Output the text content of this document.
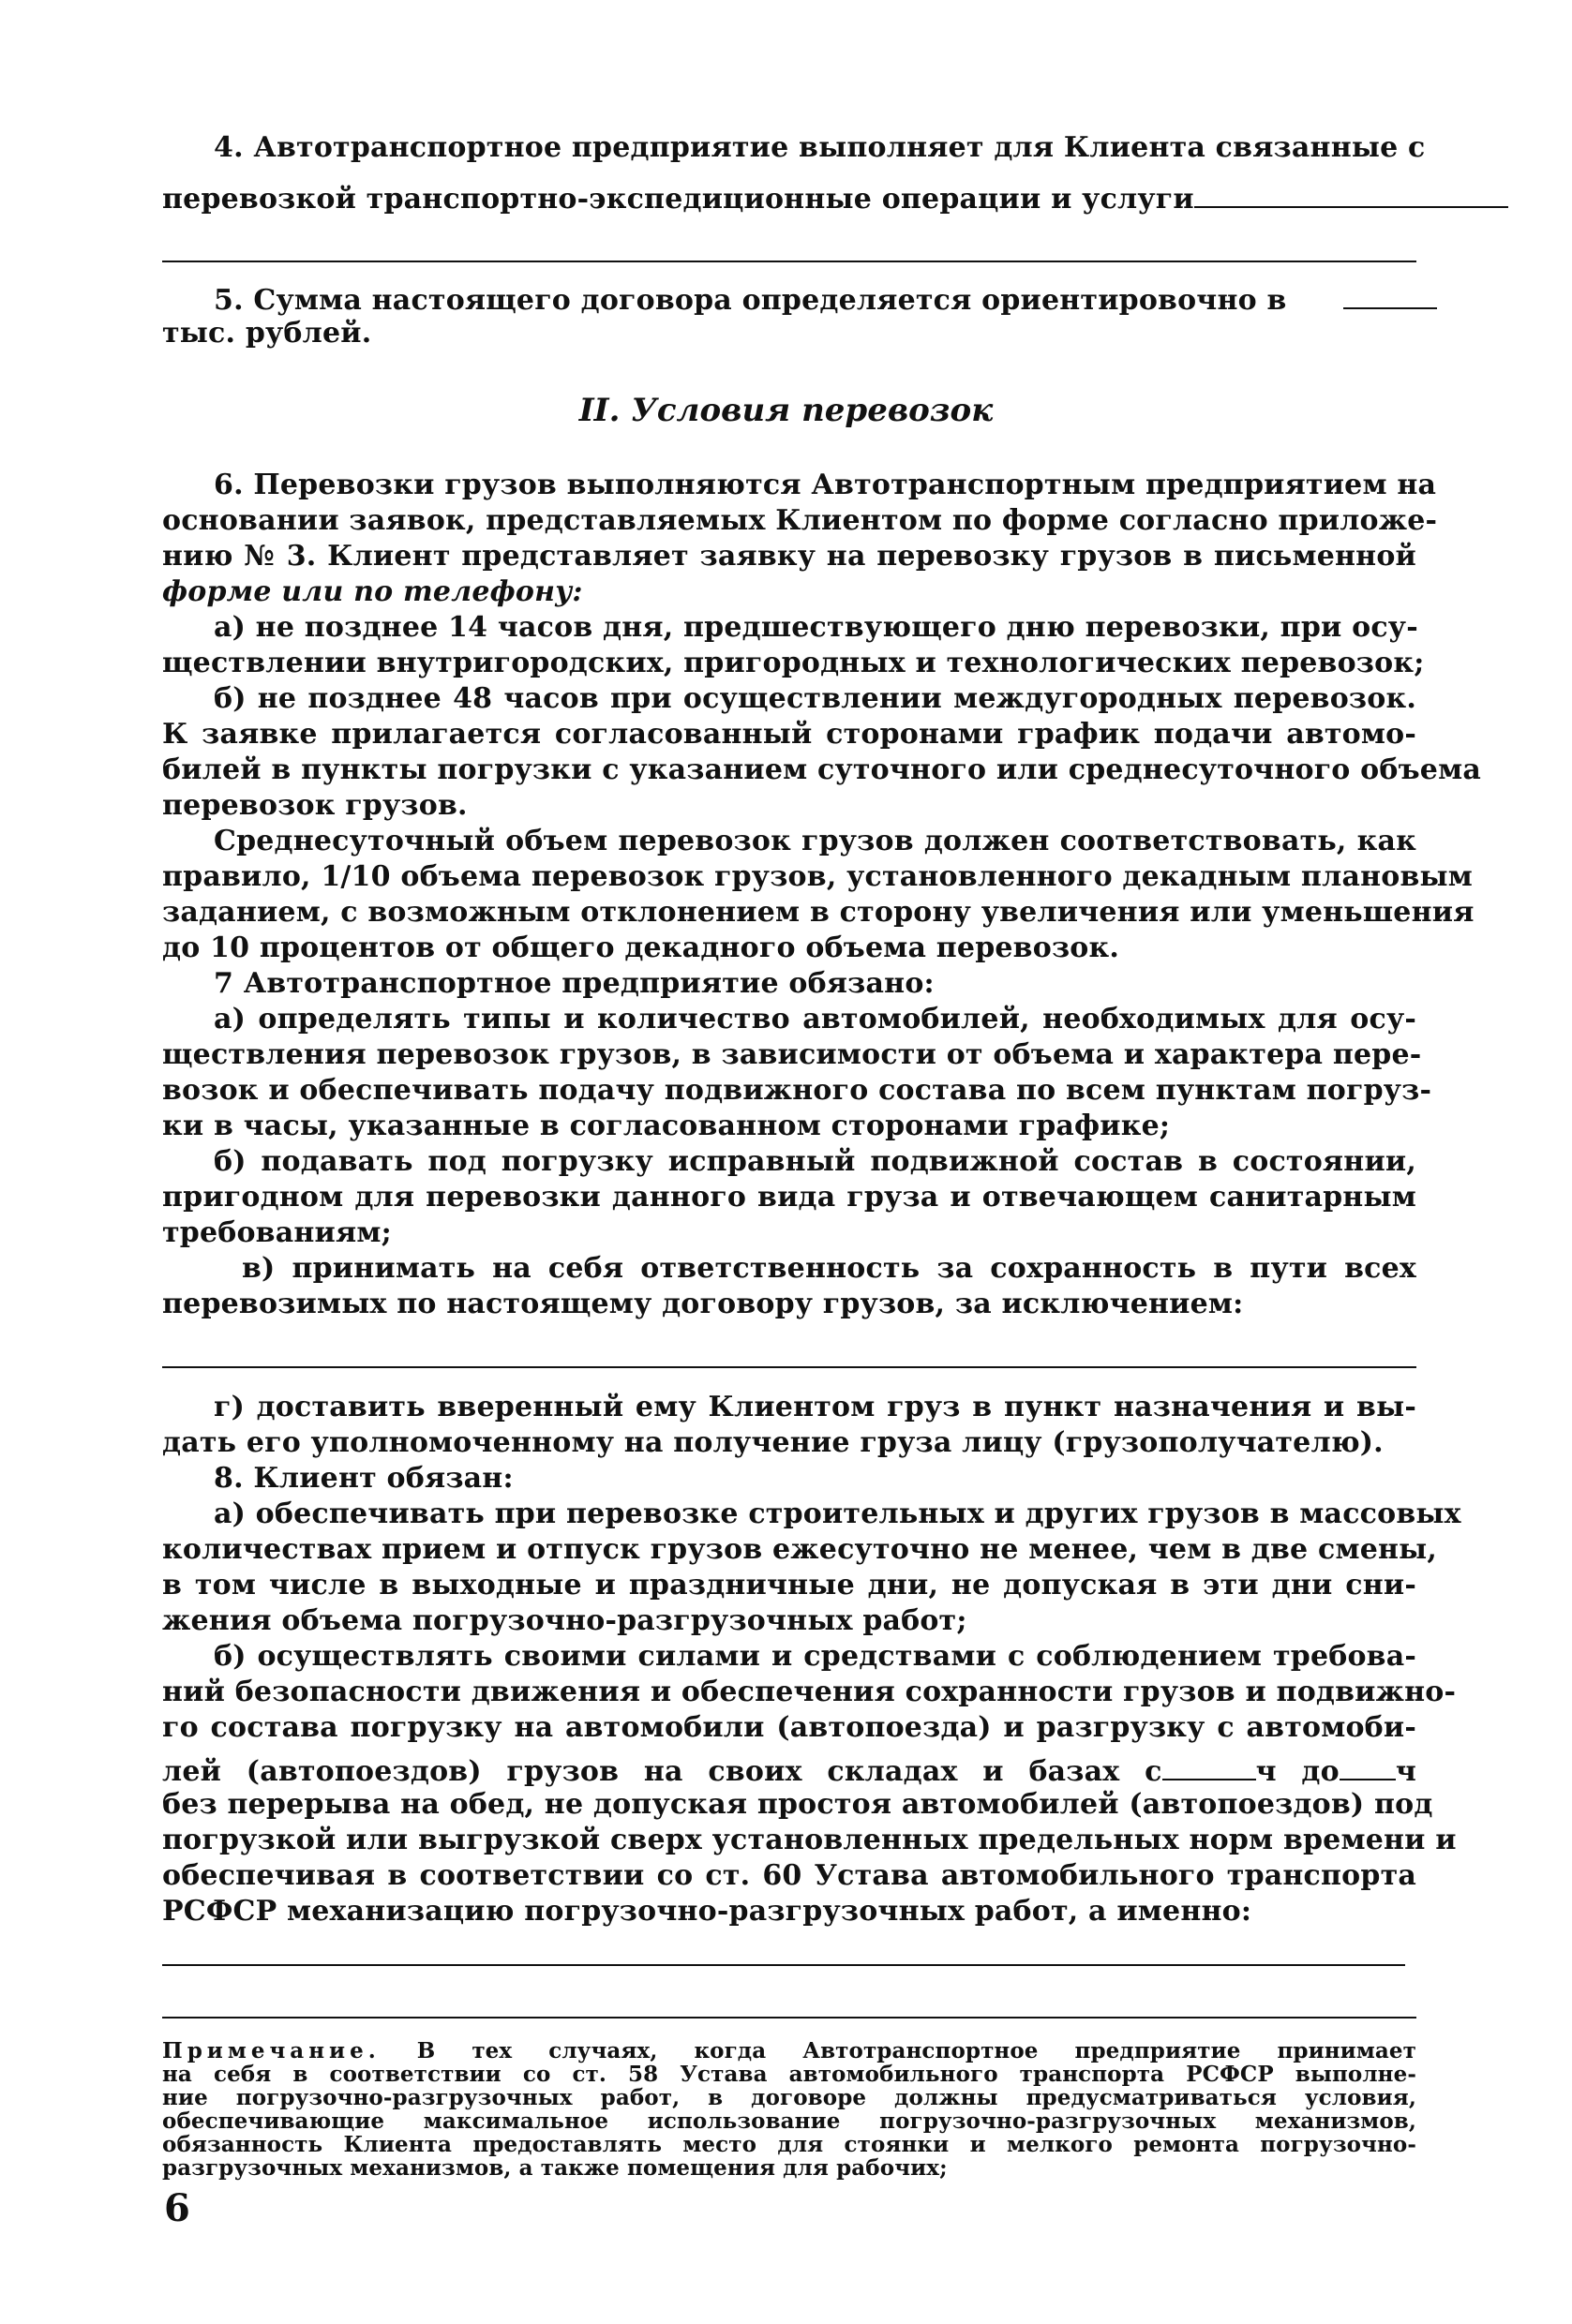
4. Автотранспортное предприятие выполняет для Клиента связанные с
перевозкой транспортно-экспедиционные операции и услуги
5. Сумма настоящего договора определяется ориентировочно в
тыс. рублей.
II. Условия перевозок
6. Перевозки грузов выполняются Автотранспортным предприятием на
основании заявок, представляемых Клиентом по форме согласно приложе-
нию № 3. Клиент представляет заявку на перевозку грузов в письменной
форме или по телефону:
а) не позднее 14 часов дня, предшествующего дню перевозки, при осу-
ществлении внутригородских, пригородных и технологических перевозок;
б) не позднее 48 часов при осуществлении междугородных перевозок.
К заявке прилагается согласованный сторонами график подачи автомо-
билей в пункты погрузки с указанием суточного или среднесуточного объема
перевозок грузов.
Среднесуточный объем перевозок грузов должен соответствовать, как
правило, 1/10 объема перевозок грузов, установленного декадным плановым
заданием, с возможным отклонением в сторону увеличения или уменьшения
до 10 процентов от общего декадного объема перевозок.
7 Автотранспортное предприятие обязано:
а) определять типы и количество автомобилей, необходимых для осу-
ществления перевозок грузов, в зависимости от объема и характера пере-
возок и обеспечивать подачу подвижного состава по всем пунктам погруз-
ки в часы, указанные в согласованном сторонами графике;
б) подавать под погрузку исправный подвижной состав в состоянии,
пригодном для перевозки данного вида груза и отвечающем санитарным
требованиям;
в) принимать на себя ответственность за сохранность в пути всех
перевозимых по настоящему договору грузов, за исключением:
г) доставить вверенный ему Клиентом груз в пункт назначения и вы-
дать его уполномоченному на получение груза лицу (грузополучателю).
8. Клиент обязан:
а) обеспечивать при перевозке строительных и других грузов в массовых
количествах прием и отпуск грузов ежесуточно не менее, чем в две смены,
в том числе в выходные и праздничные дни, не допуская в эти дни сни-
жения объема погрузочно-разгрузочных работ;
б) осуществлять своими силами и средствами с соблюдением требова-
ний безопасности движения и обеспечения сохранности грузов и подвижно-
го состава погрузку на автомобили (автопоезда) и разгрузку с автомоби-
лей (автопоездов) грузов на своих складах и базах с	ч до ч
без перерыва на обед, не допуская простоя автомобилей (автопоездов) под
погрузкой или выгрузкой сверх установленных предельных норм времени и
обеспечивая в соответствии со ст. 60 Устава автомобильного транспорта
РСФСР механизацию погрузочно-разгрузочных работ, а именно:
Примечание. В тех случаях, когда Автотранспортное предприятие принимает
на себя в соответствии со ст. 58 Устава автомобильного транспорта РСФСР выполне-
ние погрузочно-разгрузочных работ, в договоре должны предусматриваться условия,
обеспечивающие максимальное использование погрузочно-разгрузочных механизмов,
обязанность Клиента предоставлять место для стоянки и мелкого ремонта погрузочно-
разгрузочных механизмов, а также помещения для рабочих;
6
